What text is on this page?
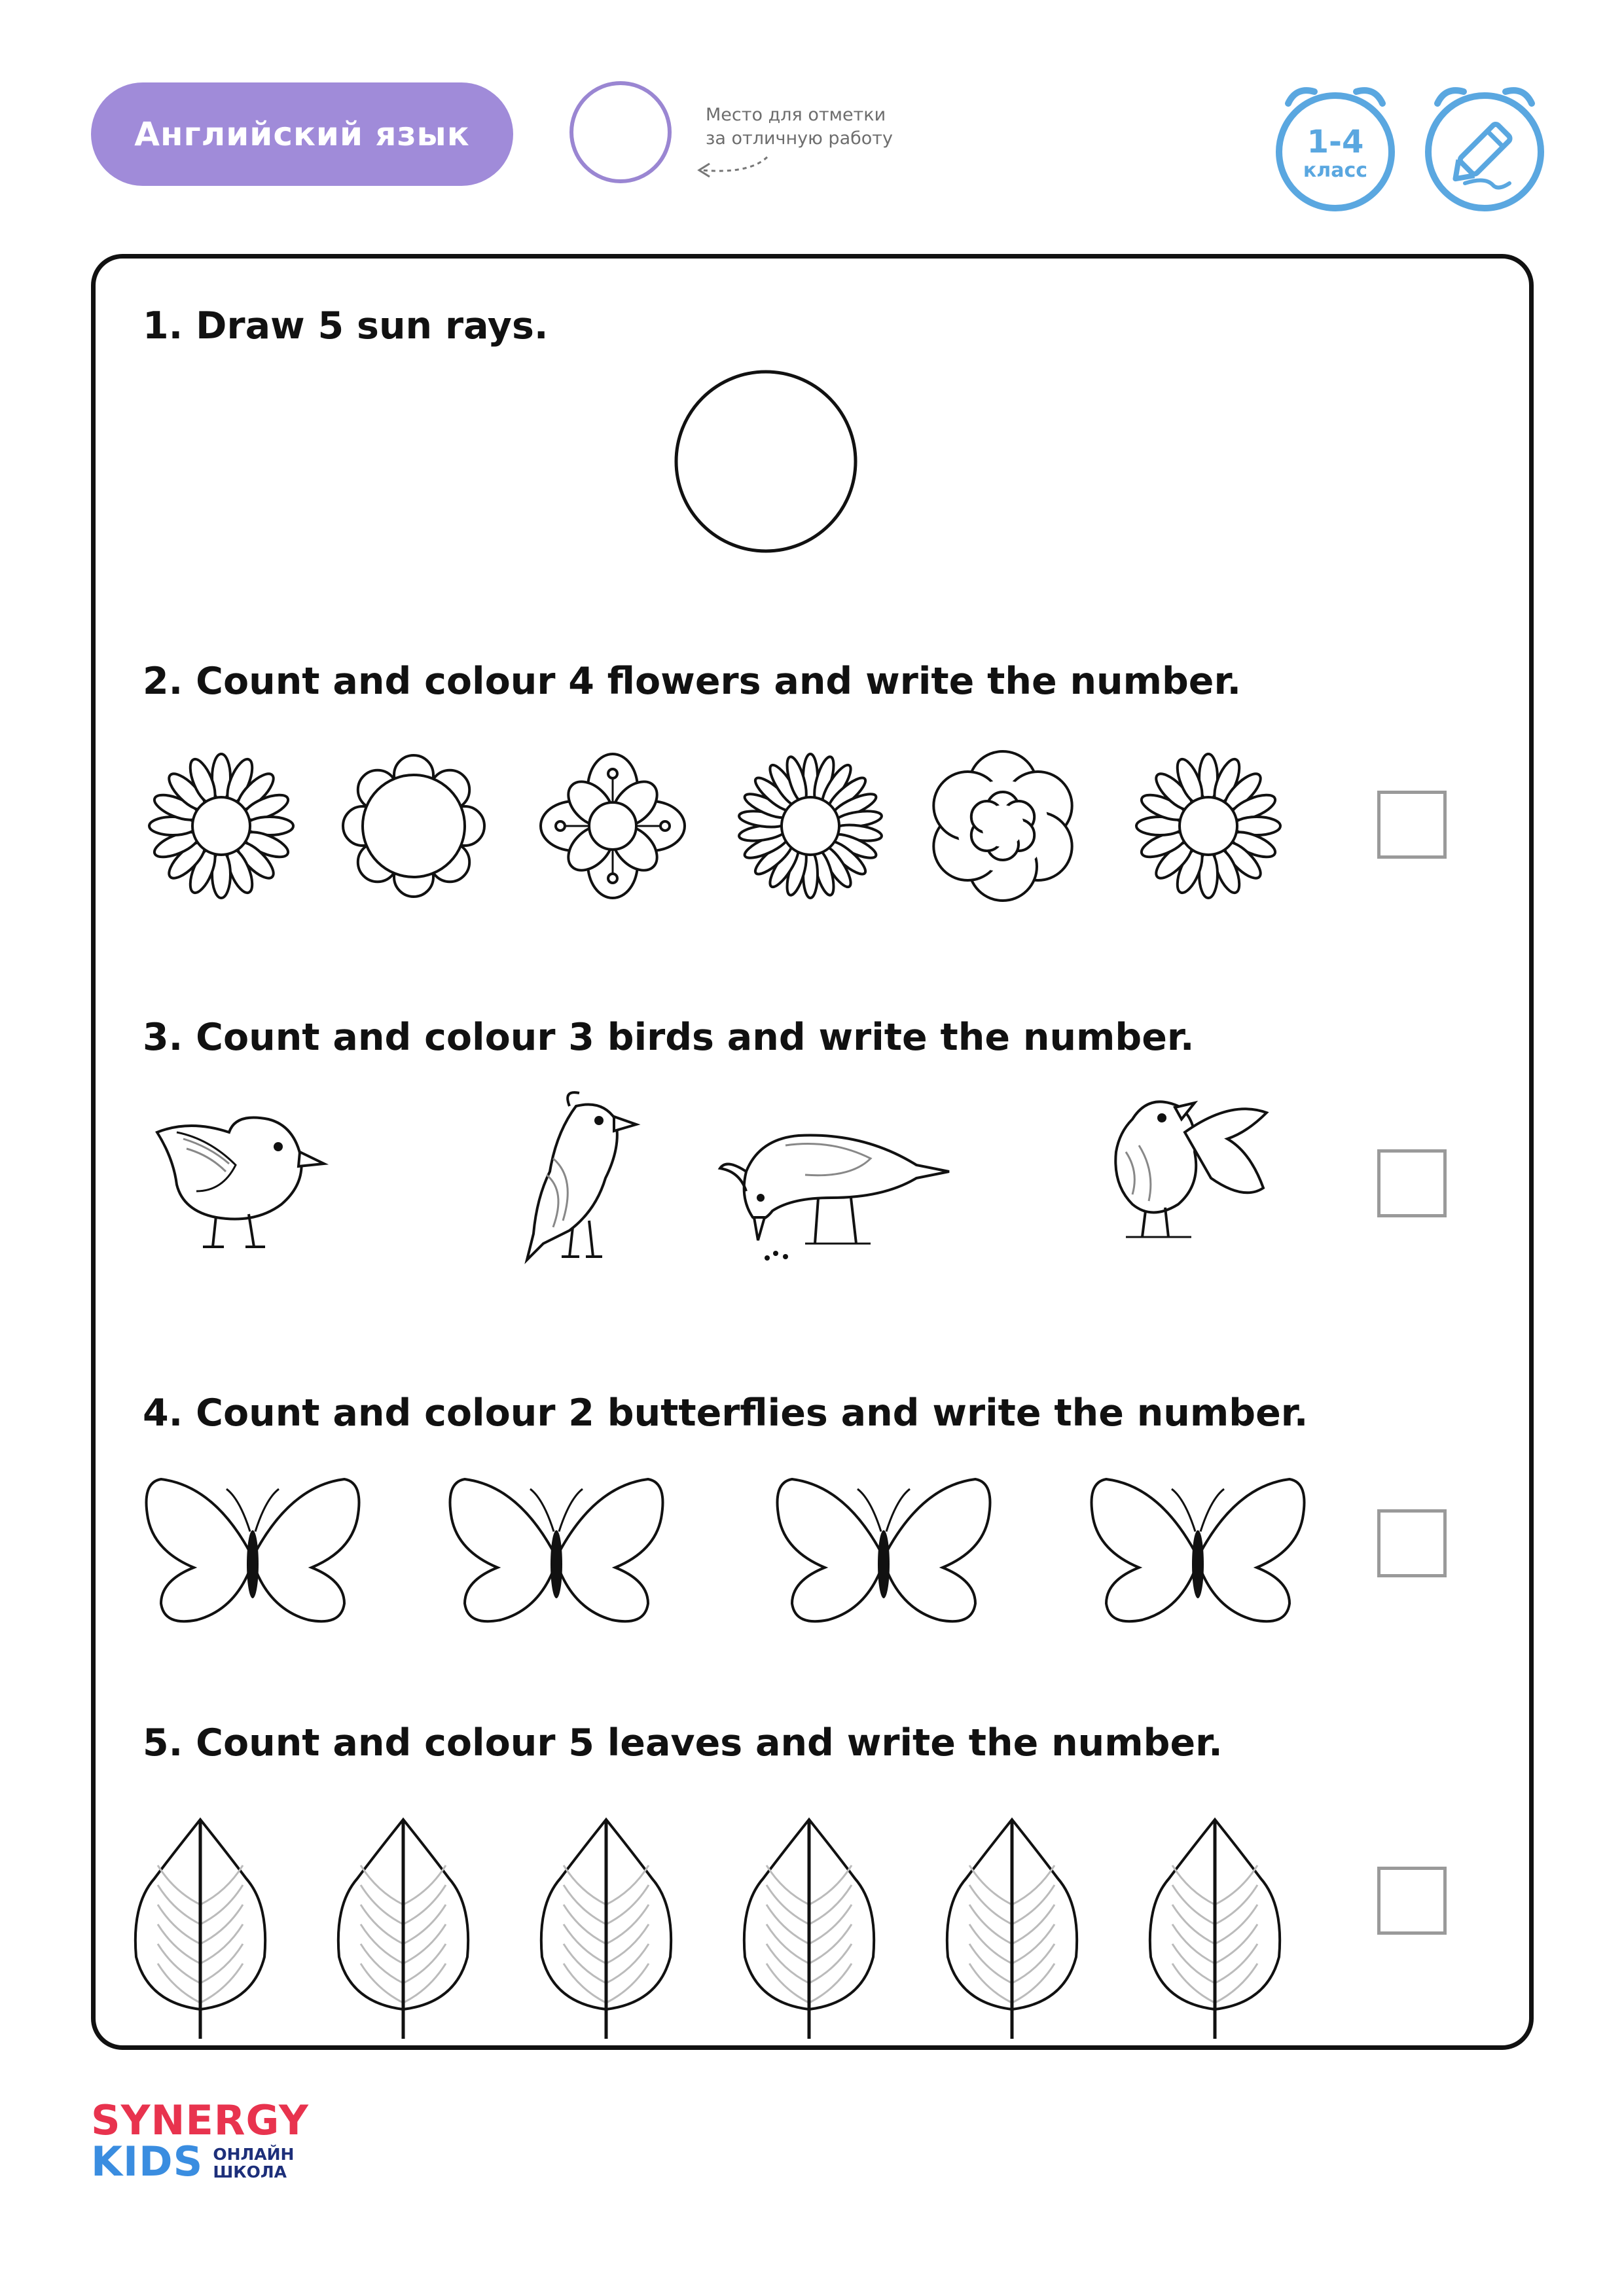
Английский язык
Место для отметки
за отличную работу	1-4
класс
1. Draw 5 sun rays.
2. Count and colour 4 flowers and write the number.
3. Count and colour 3 birds and write the number.
4. Count and colour 2 butterflies and write the number.
5. Count and colour 5 leaves and write the number.
SYNERGY
KIDS ОНЛАЙН
ШКОЛА
